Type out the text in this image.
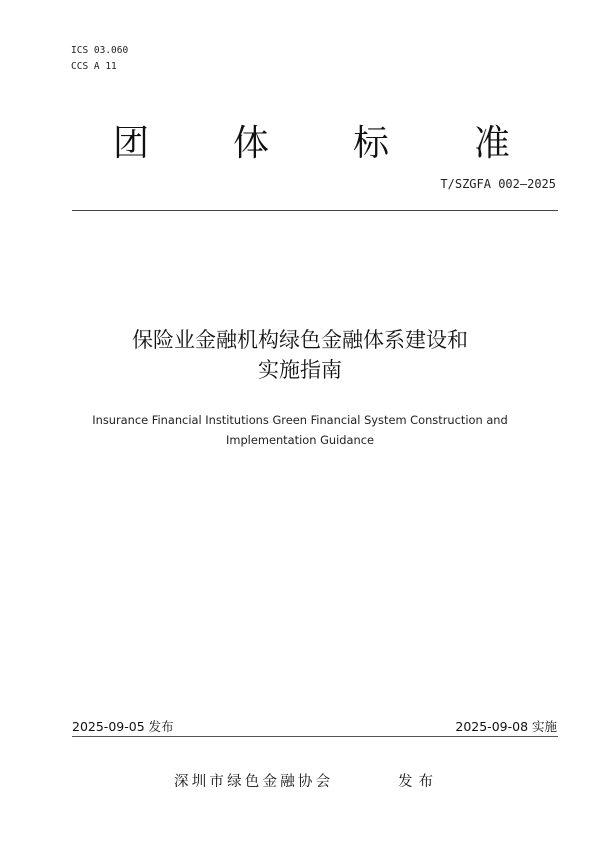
ICS 03.060
CCS A 11
团 体 标 准
T/SZGFA 002—2025
保险业金融机构绿色金融体系建设和
实施指南
Insurance Financial Institutions Green Financial System Construction and
Implementation Guidance
2025-09-05 发布	2025-09-08 实施
深圳市绿色金融协会	发布
